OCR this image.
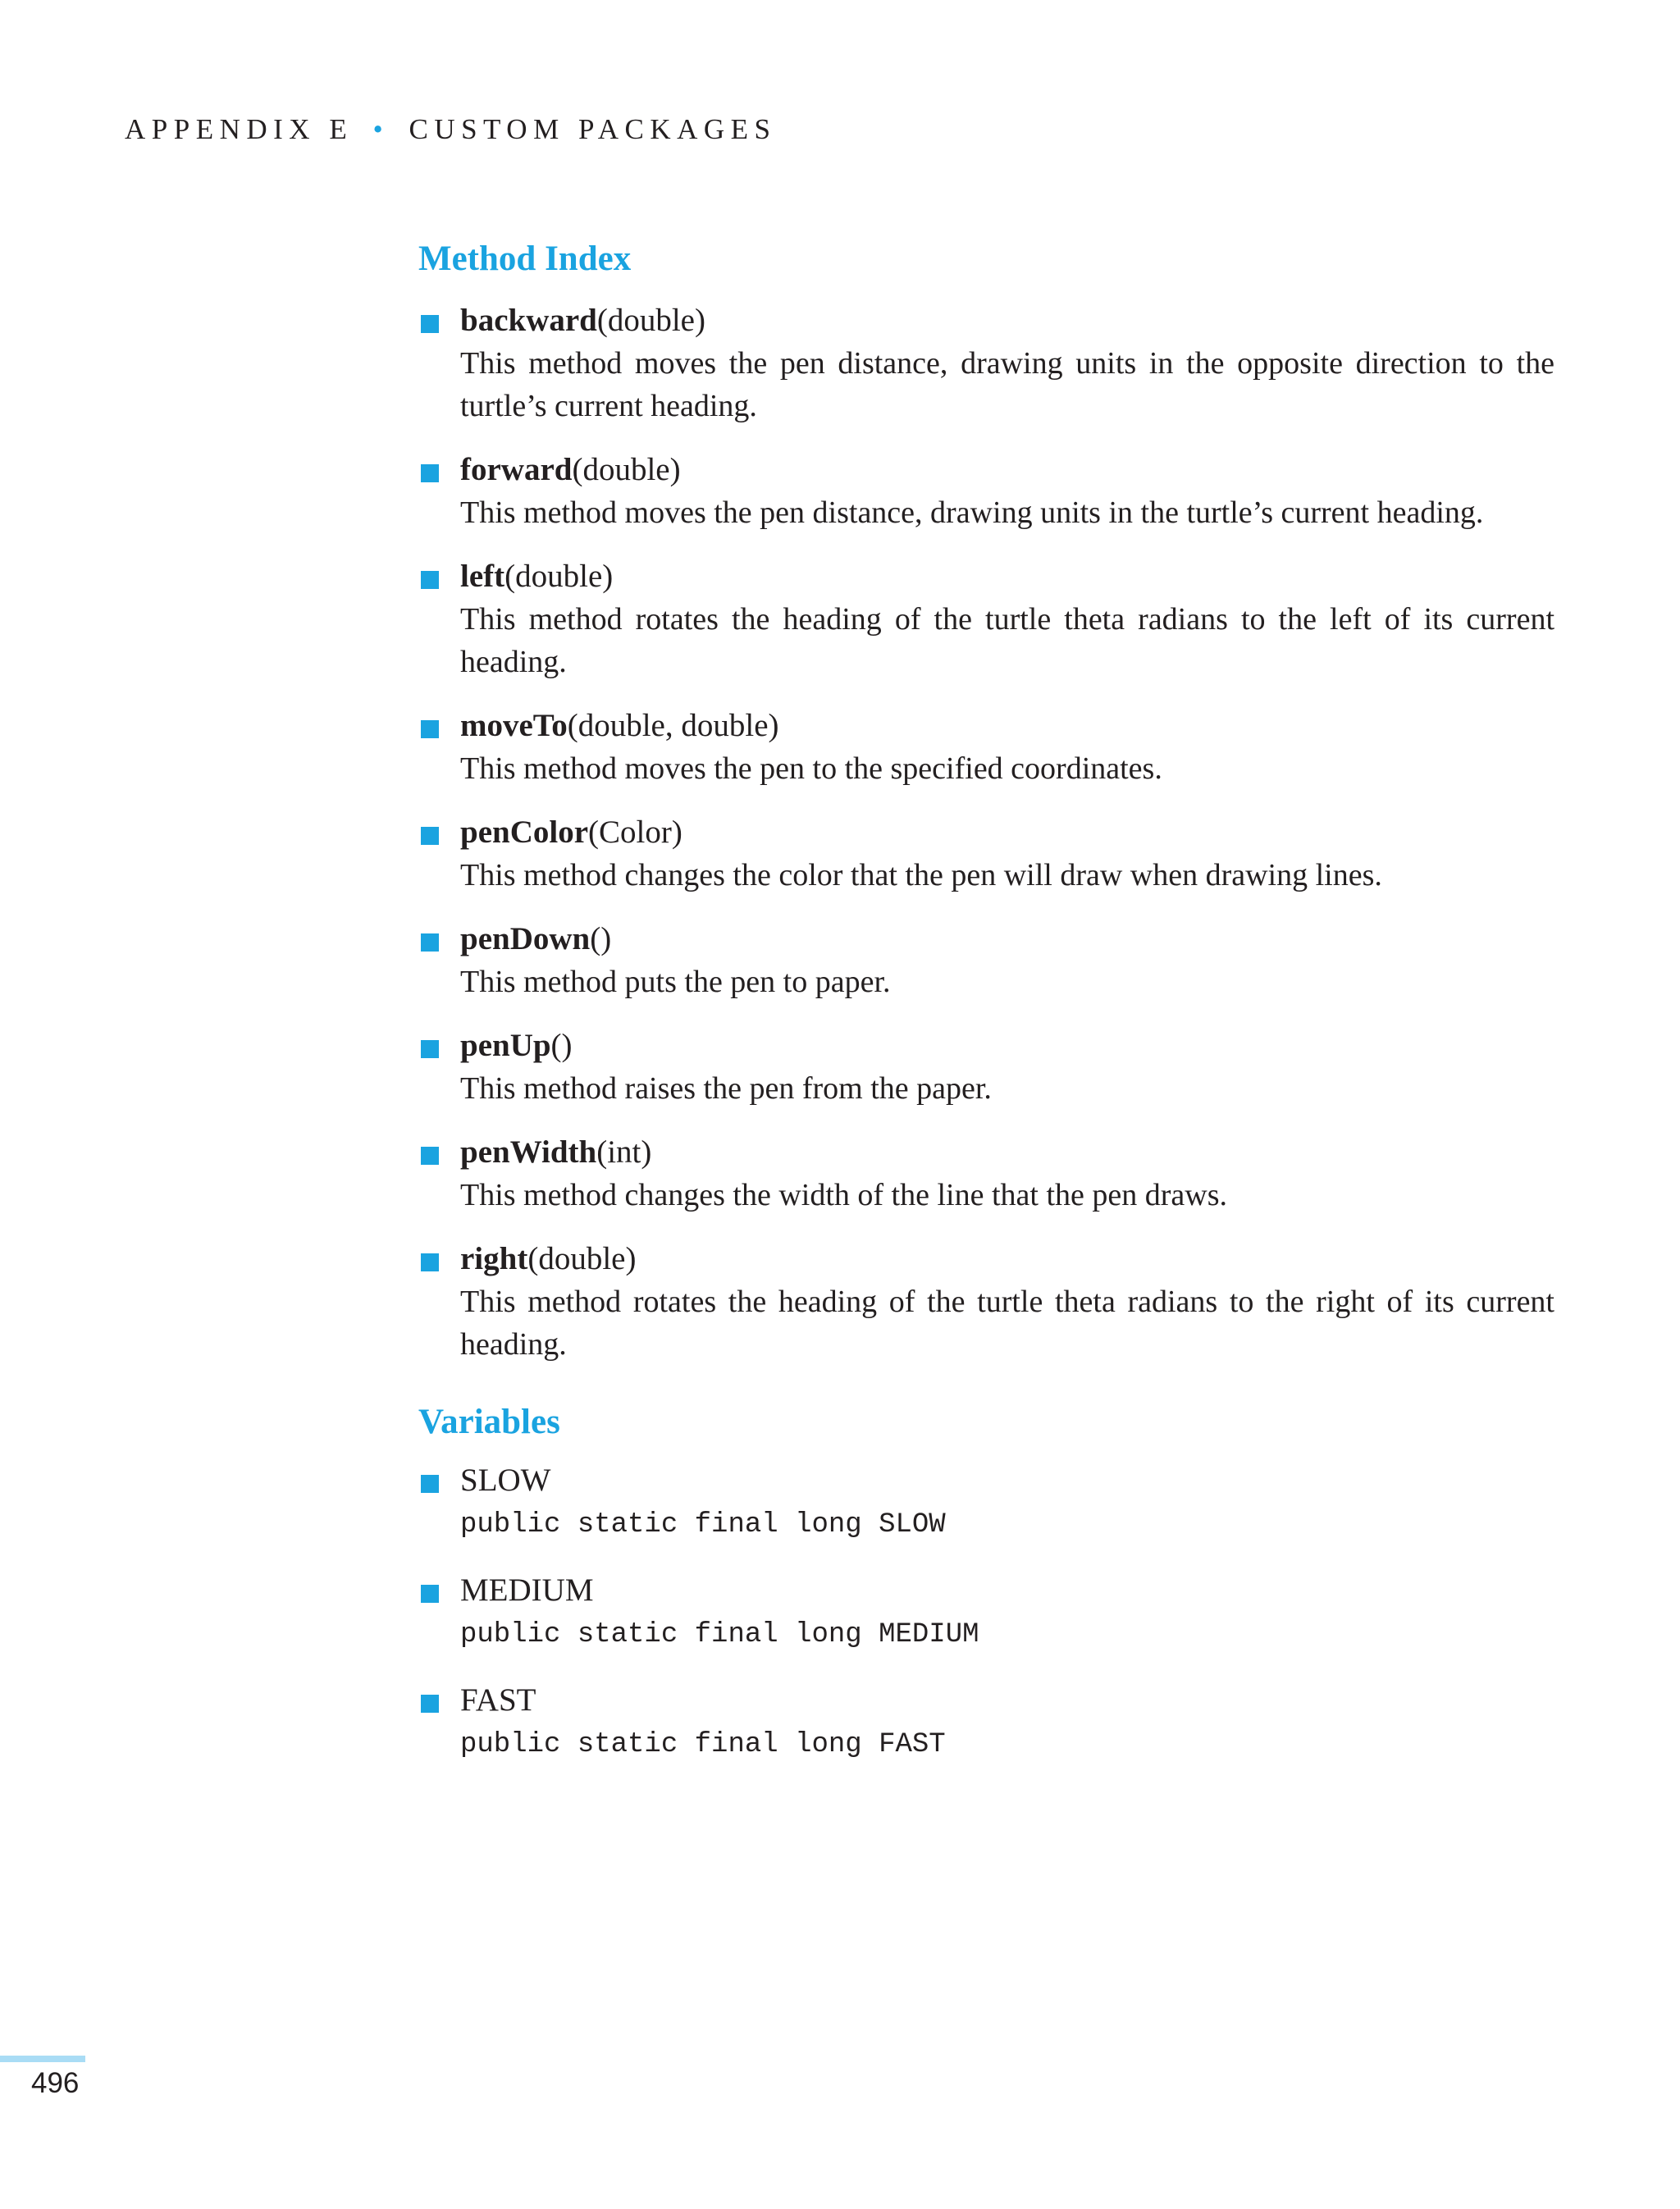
APPENDIX E • CUSTOM PACKAGES
Method Index
backward(double)
This method moves the pen distance, drawing units in the opposite direction to the turtle’s current heading.
forward(double)
This method moves the pen distance, drawing units in the turtle’s current heading.
left(double)
This method rotates the heading of the turtle theta radians to the left of its current heading.
moveTo(double, double)
This method moves the pen to the specified coordinates.
penColor(Color)
This method changes the color that the pen will draw when drawing lines.
penDown()
This method puts the pen to paper.
penUp()
This method raises the pen from the paper.
penWidth(int)
This method changes the width of the line that the pen draws.
right(double)
This method rotates the heading of the turtle theta radians to the right of its current heading.
Variables
SLOW
public static final long SLOW
MEDIUM
public static final long MEDIUM
FAST
public static final long FAST
496
